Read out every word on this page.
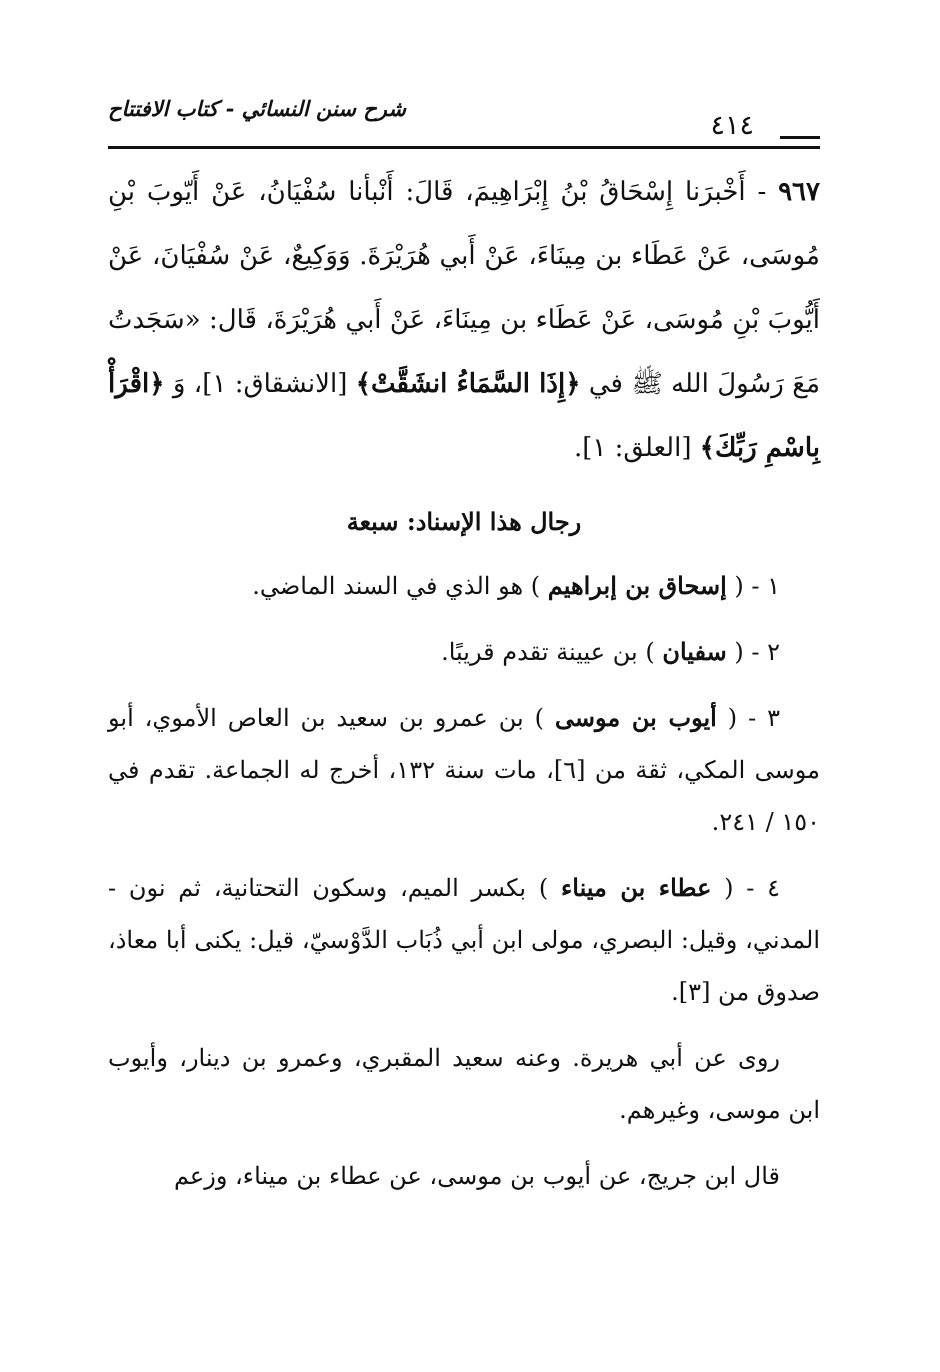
شرح سنن النسائي - كتاب الافتتاح
٤١٤

٩٦٧ - أَخْبرَنا إِسْحَاقُ بْنُ إِبْرَاهِيمَ، قَالَ: أَنْبأنا سُفْيَانُ، عَنْ أَيّوبَ بْنِ مُوسَى، عَنْ عَطَاء بن مِينَاءَ، عَنْ أَبي هُرَيْرَةَ. وَوَكِيعٌ، عَنْ سُفْيَانَ، عَنْ أَيُّوبَ بْنِ مُوسَى، عَنْ عَطَاء بن مِينَاءَ، عَنْ أَبي هُرَيْرَةَ، قَال: «سَجَدتُ مَعَ رَسُولَ الله ﷺ في ﴿إِذَا السَّمَاءُ انشَقَّتْ﴾ [الانشقاق: ١]، وَ ﴿اقْرَأْ بِاسْمِ رَبِّكَ﴾ [العلق: ١].

رجال هذا الإسناد: سبعة

١ - ( إسحاق بن إبراهيم ) هو الذي في السند الماضي.

٢ - ( سفيان ) بن عيينة تقدم قريبًا.

٣ - ( أيوب بن موسى ) بن عمرو بن سعيد بن العاص الأموي، أبو موسى المكي، ثقة من [٦]، مات سنة ١٣٢، أخرج له الجماعة. تقدم في ١٥٠ / ٢٤١.

٤ - ( عطاء بن ميناء ) بكسر الميم، وسكون التحتانية، ثم نون - المدني، وقيل: البصري، مولى ابن أبي ذُبَاب الدَّوْسيّ، قيل: يكنى أبا معاذ، صدوق من [٣].

روى عن أبي هريرة. وعنه سعيد المقبري، وعمرو بن دينار، وأيوب ابن موسى، وغيرهم.

قال ابن جريج، عن أيوب بن موسى، عن عطاء بن ميناء، وزعم
